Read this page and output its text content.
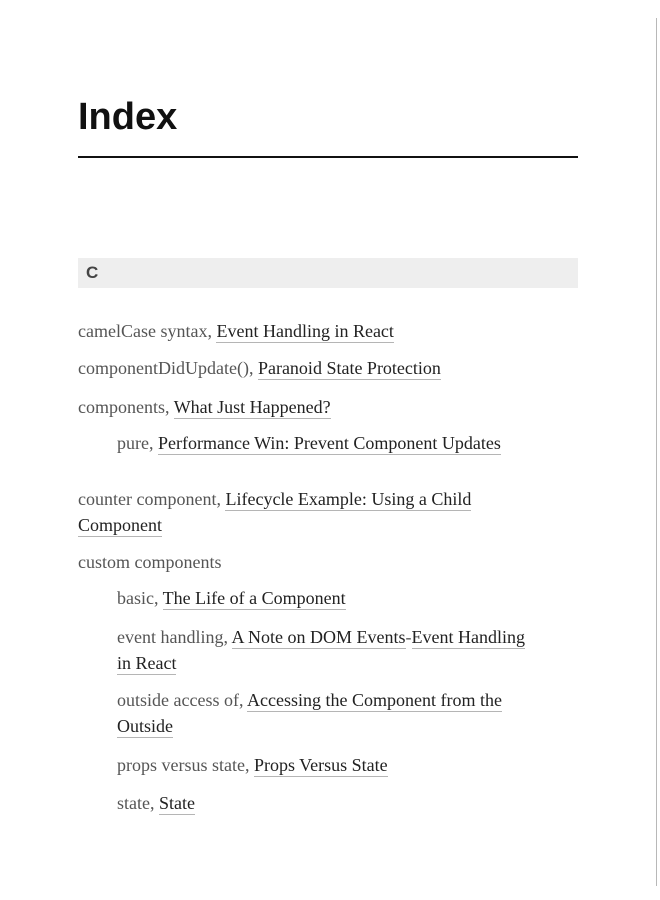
Index
C
camelCase syntax, Event Handling in React
componentDidUpdate(), Paranoid State Protection
components, What Just Happened?
pure, Performance Win: Prevent Component Updates
counter component, Lifecycle Example: Using a Child
Component
custom components
basic, The Life of a Component
event handling, A Note on DOM Events-Event Handling
in React
outside access of, Accessing the Component from the
Outside
props versus state, Props Versus State
state, State
